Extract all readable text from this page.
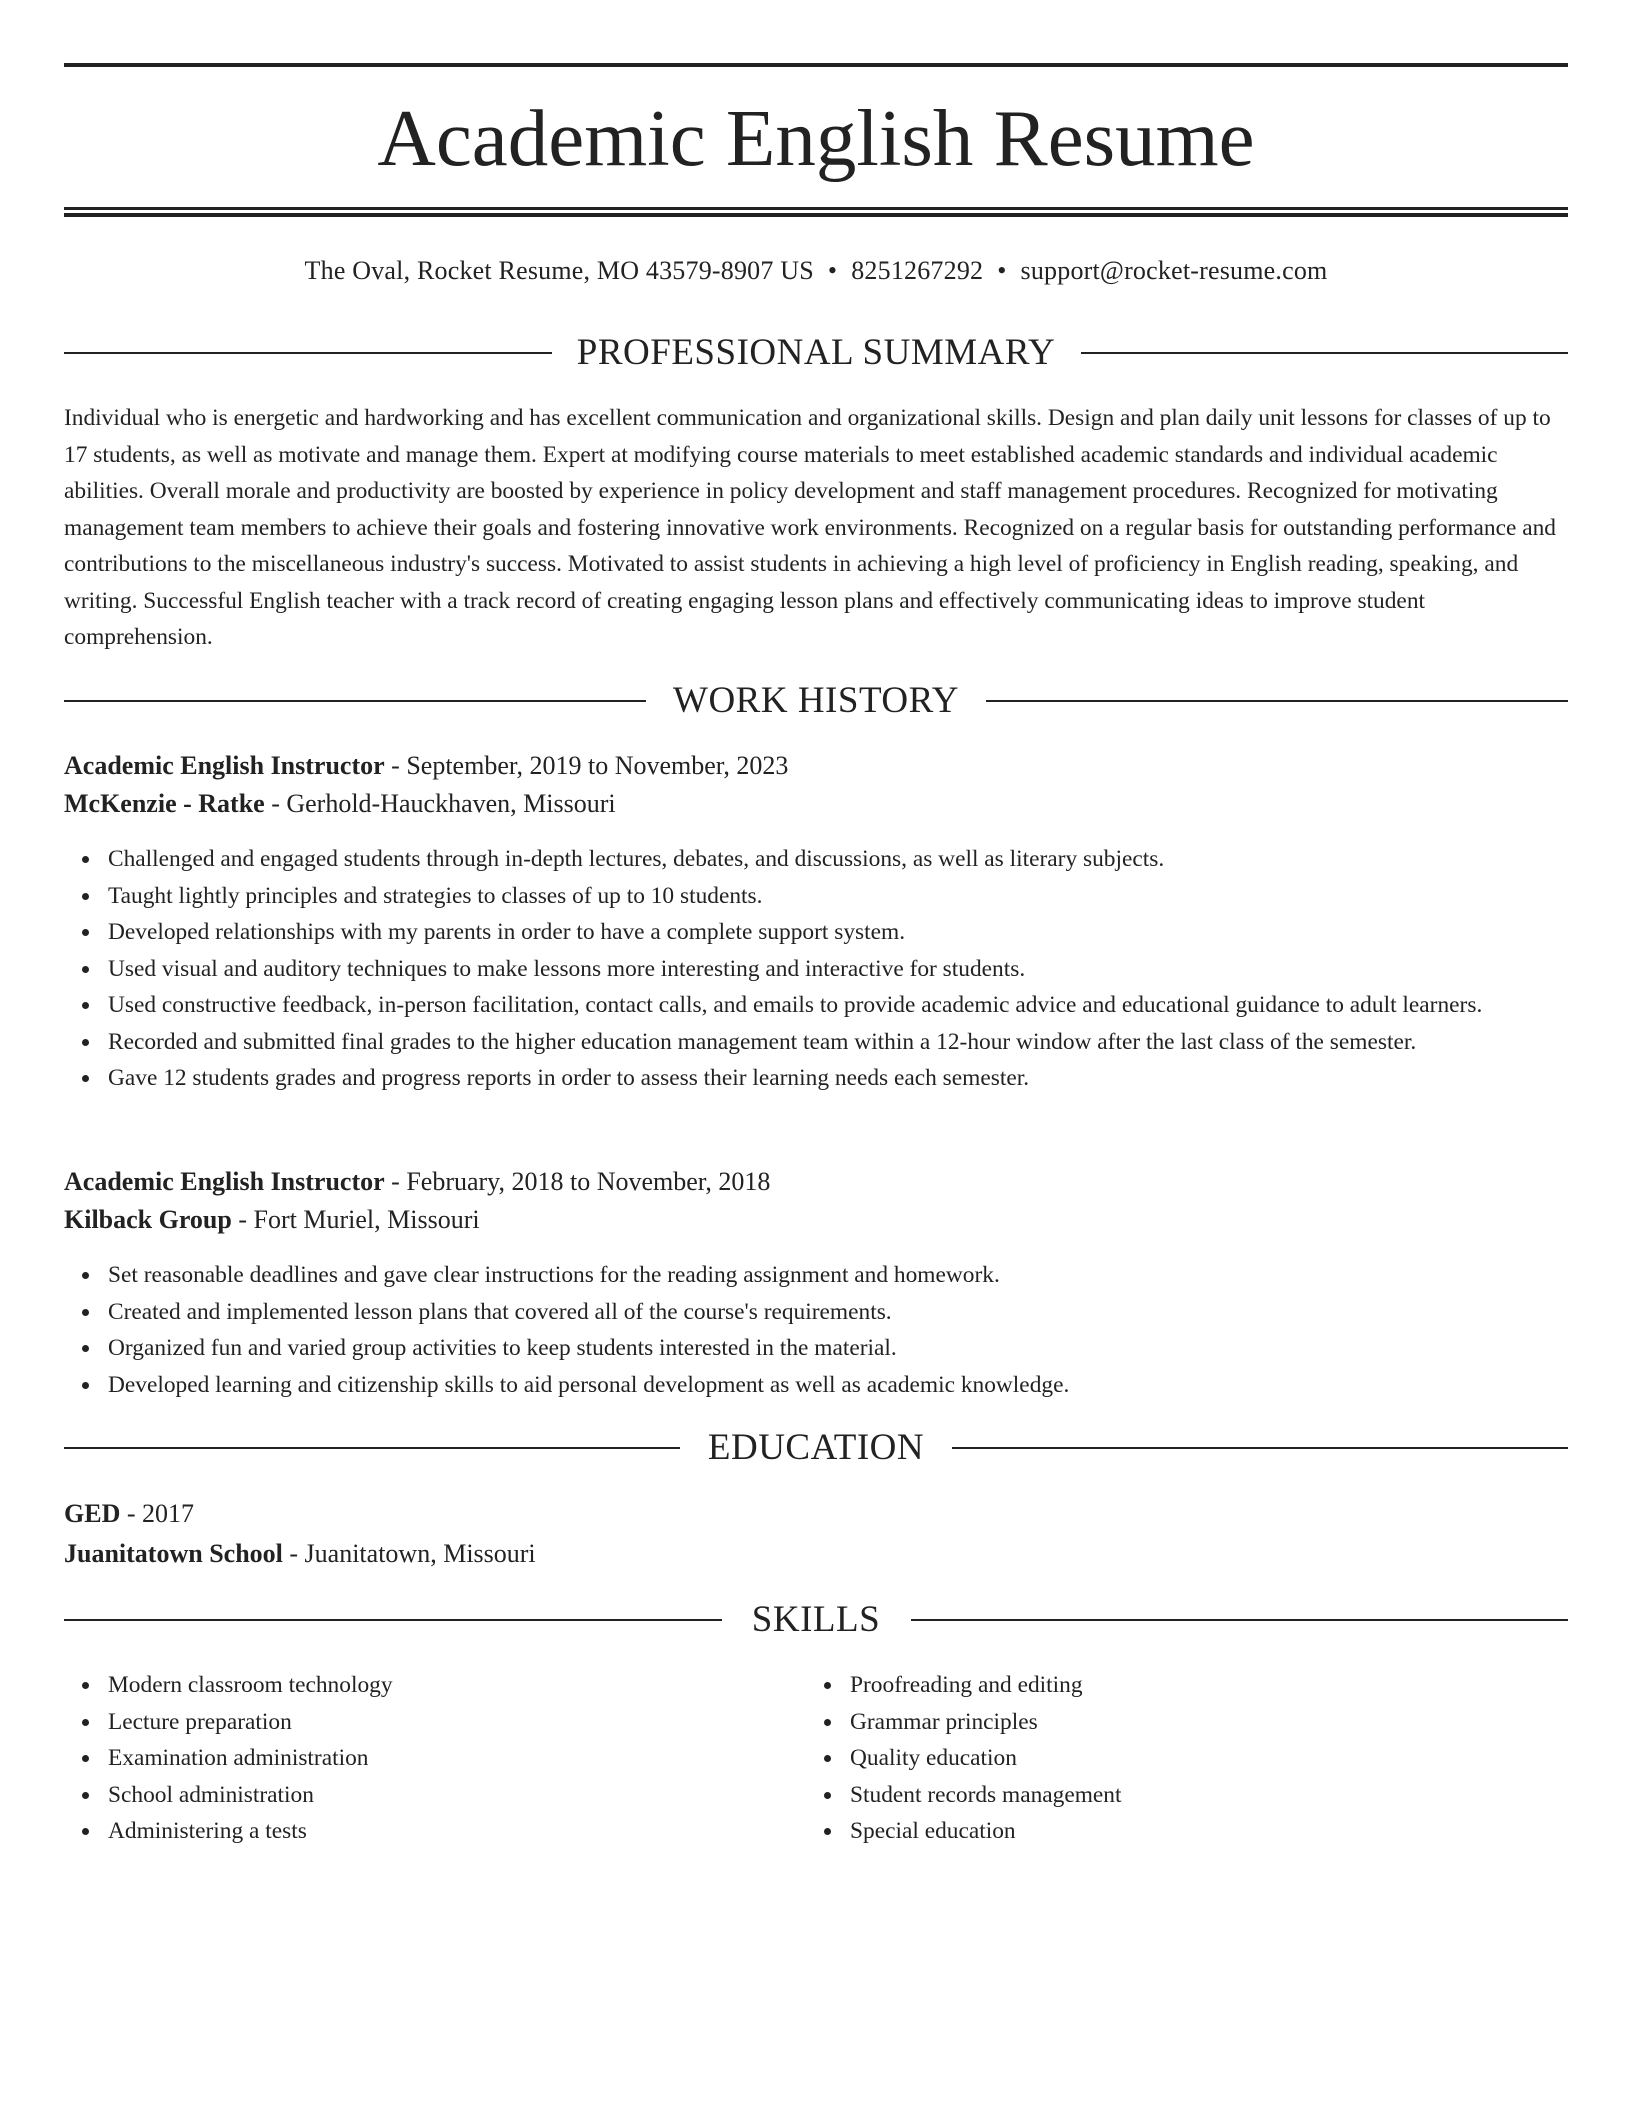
Academic English Resume
The Oval, Rocket Resume, MO 43579-8907 US • 8251267292 • support@rocket-resume.com
PROFESSIONAL SUMMARY

Individual who is energetic and hardworking and has excellent communication and organizational skills. Design and plan daily unit lessons for classes of up to 17 students, as well as motivate and manage them. Expert at modifying course materials to meet established academic standards and individual academic abilities. Overall morale and productivity are boosted by experience in policy development and staff management procedures. Recognized for motivating management team members to achieve their goals and fostering innovative work environments. Recognized on a regular basis for outstanding performance and contributions to the miscellaneous industry's success. Motivated to assist students in achieving a high level of proficiency in English reading, speaking, and writing. Successful English teacher with a track record of creating engaging lesson plans and effectively communicating ideas to improve student comprehension.

WORK HISTORY
Academic English Instructor - September, 2019 to November, 2023
McKenzie - Ratke - Gerhold-Hauckhaven, Missouri
Challenged and engaged students through in-depth lectures, debates, and discussions, as well as literary subjects.
Taught lightly principles and strategies to classes of up to 10 students.
Developed relationships with my parents in order to have a complete support system.
Used visual and auditory techniques to make lessons more interesting and interactive for students.
Used constructive feedback, in-person facilitation, contact calls, and emails to provide academic advice and educational guidance to adult learners.
Recorded and submitted final grades to the higher education management team within a 12-hour window after the last class of the semester.
Gave 12 students grades and progress reports in order to assess their learning needs each semester.
Academic English Instructor - February, 2018 to November, 2018
Kilback Group - Fort Muriel, Missouri
Set reasonable deadlines and gave clear instructions for the reading assignment and homework.
Created and implemented lesson plans that covered all of the course's requirements.
Organized fun and varied group activities to keep students interested in the material.
Developed learning and citizenship skills to aid personal development as well as academic knowledge.
EDUCATION
GED - 2017
Juanitatown School - Juanitatown, Missouri
SKILLS
Modern classroom technology
Lecture preparation
Examination administration
School administration
Administering a tests
Proofreading and editing
Grammar principles
Quality education
Student records management
Special education
